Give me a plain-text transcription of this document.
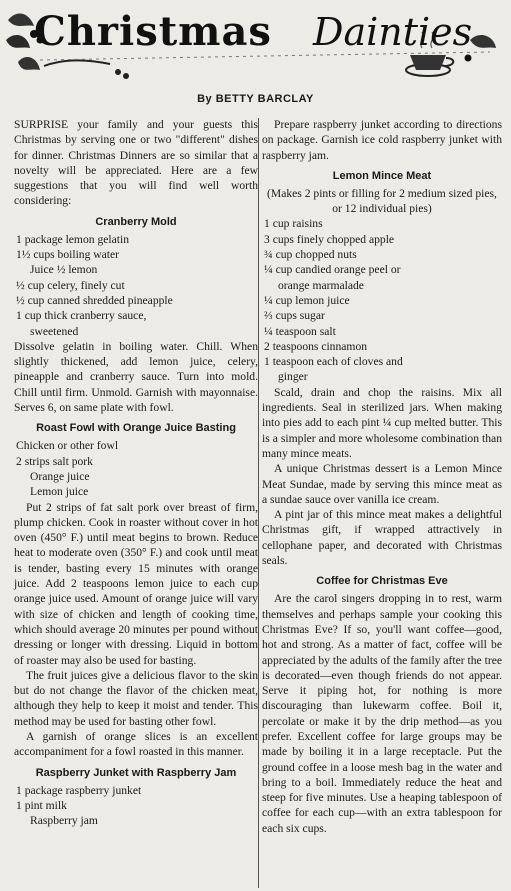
Christmas Dainties
By BETTY BARCLAY

SURPRISE your family and your guests this Christmas by serving one or two "different" dishes for dinner. Christmas Dinners are so similar that a novelty will be appreciated. Here are a few suggestions that you will find well worth considering:

Cranberry Mold
1 package lemon gelatin
1½ cups boiling water
Juice ½ lemon
½ cup celery, finely cut
½ cup canned shredded pineapple
1 cup thick cranberry sauce,
sweetened

Dissolve gelatin in boiling water. Chill. When slightly thickened, add lemon juice, celery, pineapple and cranberry sauce. Turn into mold. Chill until firm. Unmold. Garnish with mayonnaise. Serves 6, on same plate with fowl.

Roast Fowl with Orange Juice Basting
Chicken or other fowl
2 strips salt pork
Orange juice
Lemon juice

Put 2 strips of fat salt pork over breast of firm, plump chicken. Cook in roaster without cover in hot oven (450° F.) until meat begins to brown. Reduce heat to moderate oven (350° F.) and cook until meat is tender, basting every 15 minutes with orange juice. Add 2 teaspoons lemon juice to each cup orange juice used. Amount of orange juice will vary with size of chicken and length of cooking time, which should average 20 minutes per pound without dressing or longer with dressing. Liquid in bottom of roaster may also be used for basting.

The fruit juices give a delicious flavor to the skin but do not change the flavor of the chicken meat, although they help to keep it moist and tender. This method may be used for basting other fowl.

A garnish of orange slices is an excellent accompaniment for a fowl roasted in this manner.

Raspberry Junket with Raspberry Jam
1 package raspberry junket
1 pint milk
Raspberry jam

Prepare raspberry junket according to directions on package. Garnish ice cold raspberry junket with raspberry jam.

Lemon Mince Meat
(Makes 2 pints or filling for 2 medium sized pies, or 12 individual pies)
1 cup raisins
3 cups finely chopped apple
¾ cup chopped nuts
¼ cup candied orange peel or
orange marmalade
¼ cup lemon juice
⅔ cups sugar
¼ teaspoon salt
2 teaspoons cinnamon
1 teaspoon each of cloves and
ginger

Scald, drain and chop the raisins. Mix all ingredients. Seal in sterilized jars. When making into pies add to each pint ¼ cup melted butter. This is a simpler and more wholesome combination than many mince meats.

A unique Christmas dessert is a Lemon Mince Meat Sundae, made by serving this mince meat as a sundae sauce over vanilla ice cream.

A pint jar of this mince meat makes a delightful Christmas gift, if wrapped attractively in cellophane paper, and decorated with Christmas seals.

Coffee for Christmas Eve

Are the carol singers dropping in to rest, warm themselves and perhaps sample your cooking this Christmas Eve? If so, you'll want coffee—good, hot and strong. As a matter of fact, coffee will be appreciated by the adults of the family after the tree is decorated—even though friends do not appear. Serve it piping hot, for nothing is more discouraging than lukewarm coffee. Boil it, percolate or make it by the drip method—as you prefer. Excellent coffee for large groups may be made by boiling it in a large receptacle. Put the ground coffee in a loose mesh bag in the water and bring to a boil. Immediately reduce the heat and steep for five minutes. Use a heaping tablespoon of coffee for each cup—with an extra tablespoon for each six cups.
